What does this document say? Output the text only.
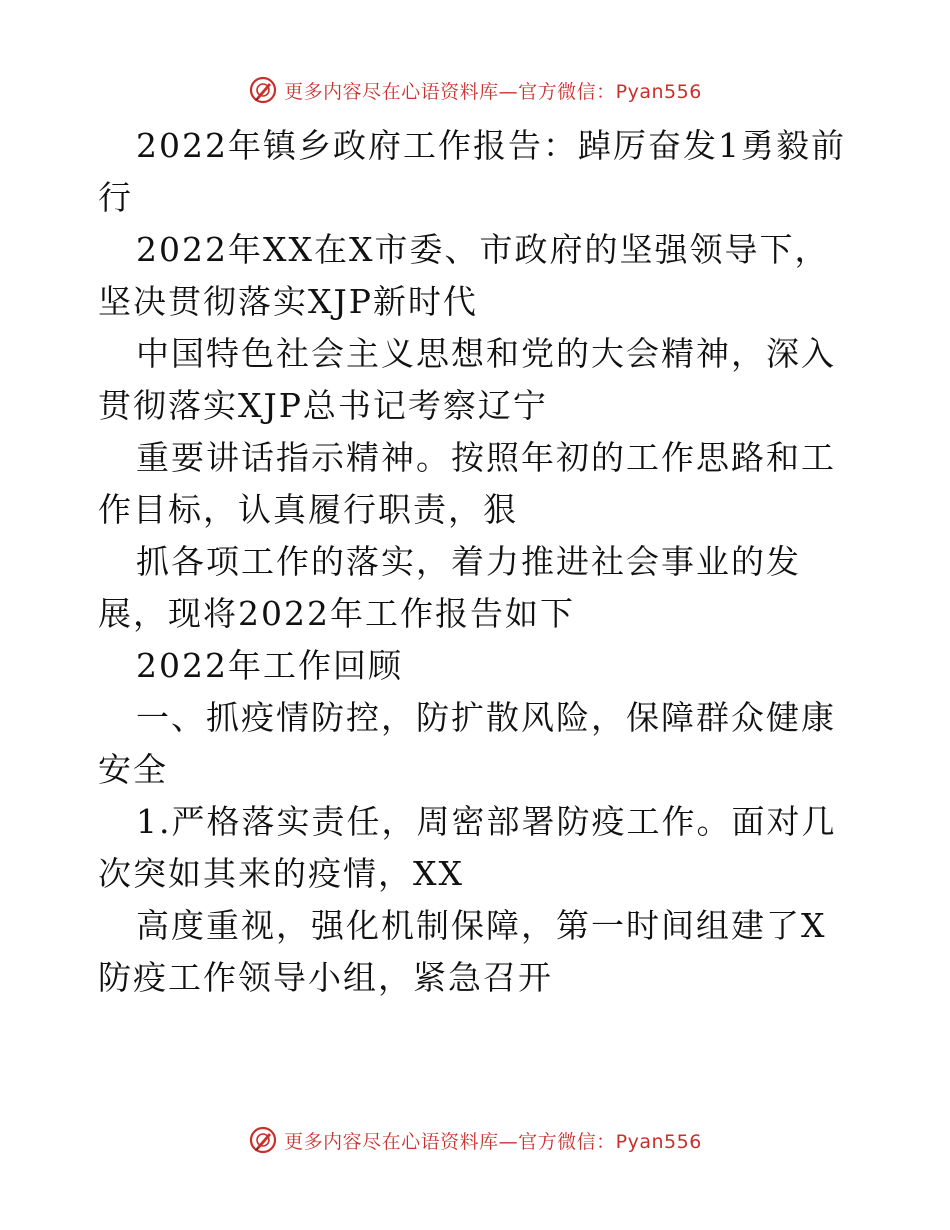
更多内容尽在心语资料库—官方微信：Pyan556

2022年镇乡政府工作报告：踔厉奋发1勇毅前行

2022年XX在X市委、市政府的坚强领导下，坚决贯彻落实XJP新时代

中国特色社会主义思想和党的大会精神，深入贯彻落实XJP总书记考察辽宁

重要讲话指示精神。按照年初的工作思路和工作目标，认真履行职责，狠

抓各项工作的落实，着力推进社会事业的发展，现将2022年工作报告如下

2022年工作回顾

一、抓疫情防控，防扩散风险，保障群众健康安全

1.严格落实责任，周密部署防疫工作。面对几次突如其来的疫情，XX

高度重视，强化机制保障，第一时间组建了X防疫工作领导小组，紧急召开

更多内容尽在心语资料库—官方微信：Pyan556
